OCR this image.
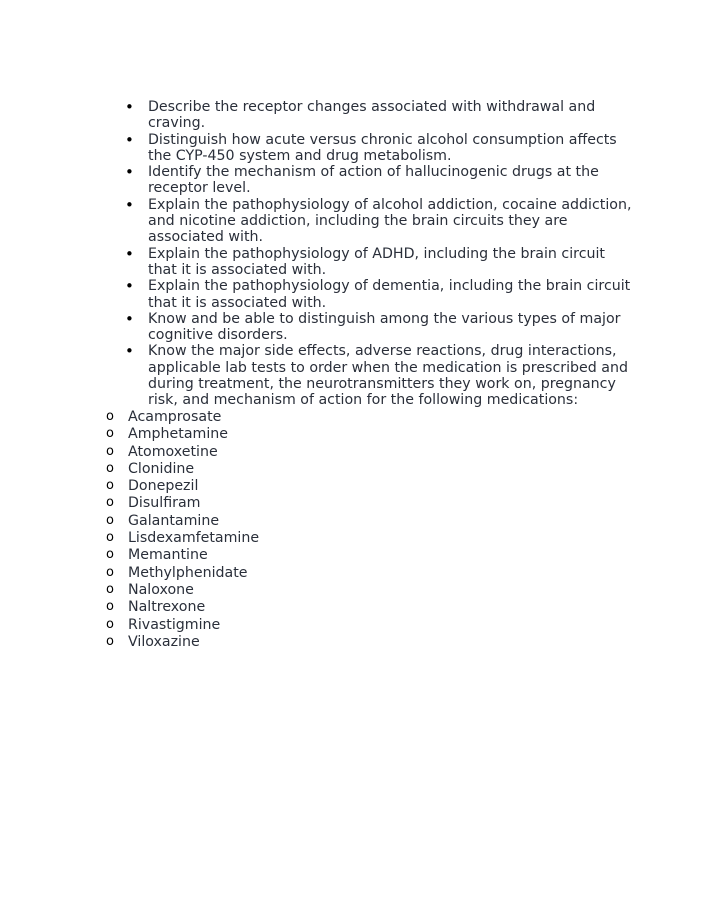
• Describe the receptor changes associated with withdrawal and craving.
• Distinguish how acute versus chronic alcohol consumption affects the CYP-450 system and drug metabolism.
• Identify the mechanism of action of hallucinogenic drugs at the receptor level.
• Explain the pathophysiology of alcohol addiction, cocaine addiction, and nicotine addiction, including the brain circuits they are associated with.
• Explain the pathophysiology of ADHD, including the brain circuit that it is associated with.
• Explain the pathophysiology of dementia, including the brain circuit that it is associated with.
• Know and be able to distinguish among the various types of major cognitive disorders.
• Know the major side effects, adverse reactions, drug interactions, applicable lab tests to order when the medication is prescribed and during treatment, the neurotransmitters they work on, pregnancy risk, and mechanism of action for the following medications:
o Acamprosate
o Amphetamine
o Atomoxetine
o Clonidine
o Donepezil
o Disulfiram
o Galantamine
o Lisdexamfetamine
o Memantine
o Methylphenidate
o Naloxone
o Naltrexone
o Rivastigmine
o Viloxazine
